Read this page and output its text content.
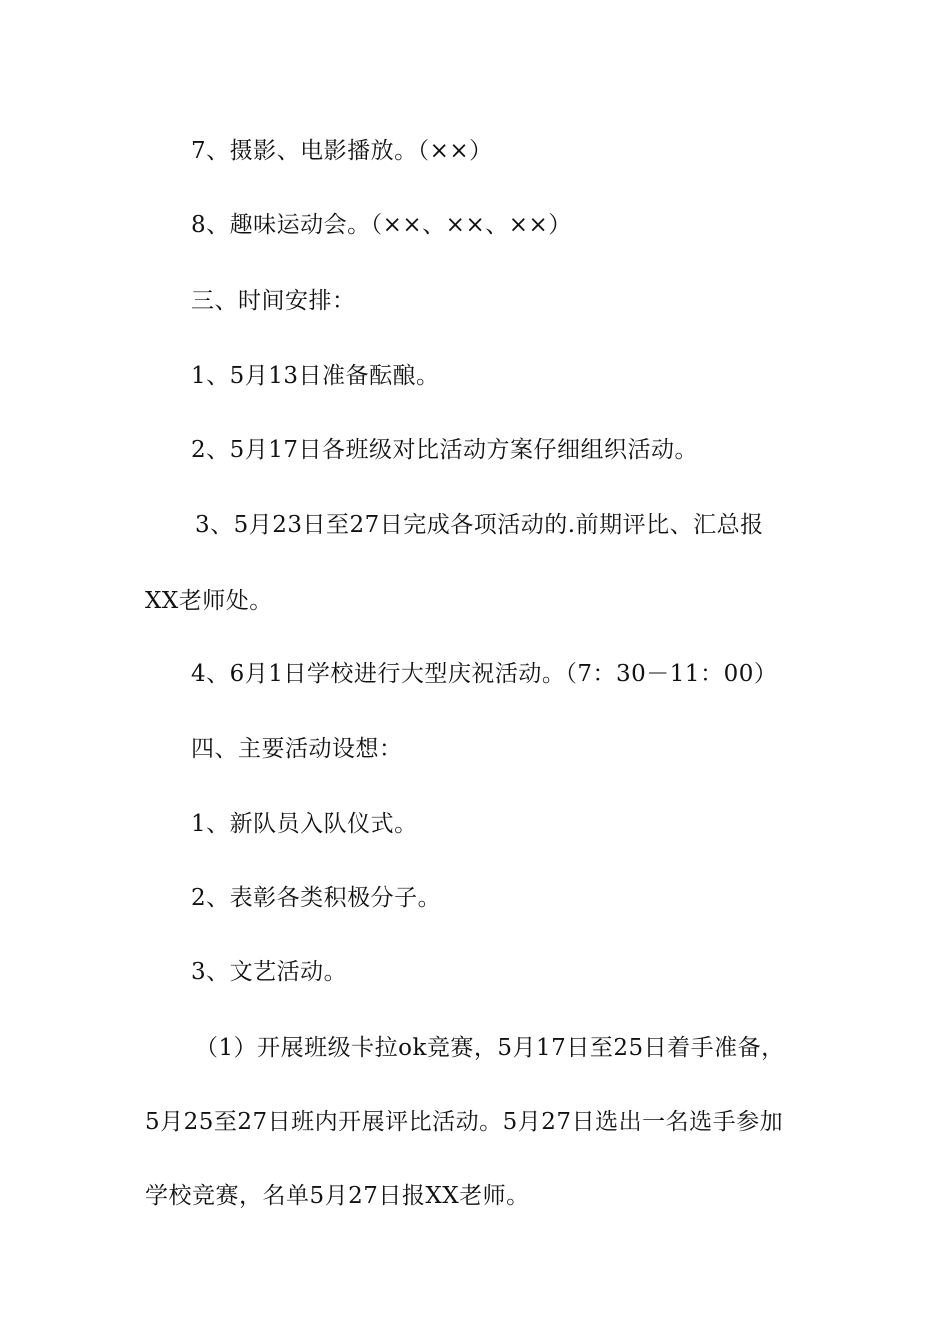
7、摄影、电影播放。（××）
8、趣味运动会。（××、××、××）
三、时间安排：
1、5月13日准备酝酿。
2、5月17日各班级对比活动方案仔细组织活动。
3、5月23日至27日完成各项活动的.前期评比、汇总报
XX老师处。
4、6月1日学校进行大型庆祝活动。（7：30－11：00）
四、主要活动设想：
1、新队员入队仪式。
2、表彰各类积极分子。
3、文艺活动。
（1）开展班级卡拉ok竞赛，5月17日至25日着手准备，
5月25至27日班内开展评比活动。5月27日选出一名选手参加
学校竞赛，名单5月27日报XX老师。
